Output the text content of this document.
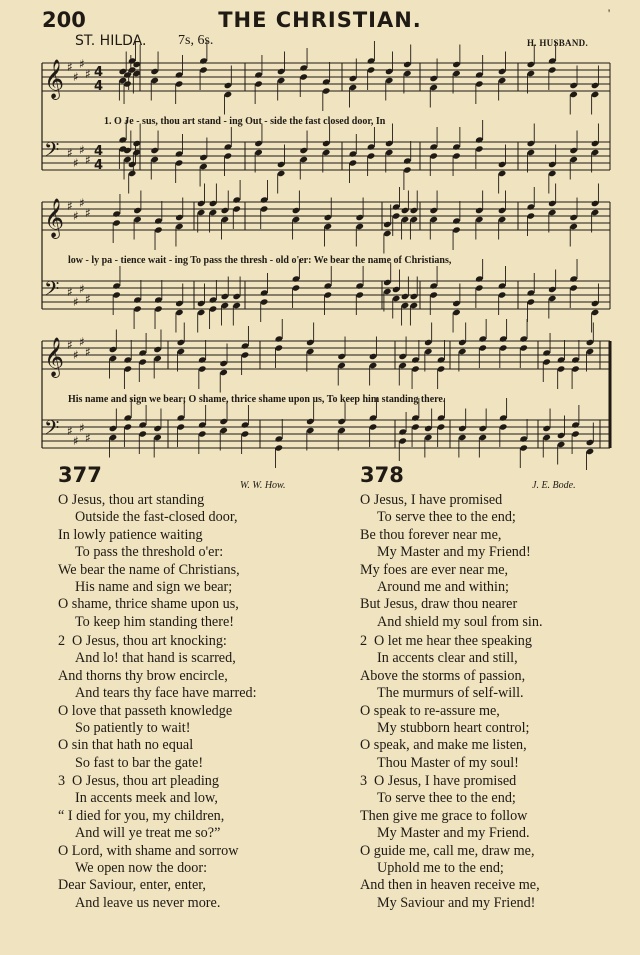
200	THE CHRISTIAN.	'
ST. HILDA. 7s, 6s.	H. HUSBAND.
𝄞 ♯
♯
♯
♯ 4
4
𝄢 ♯
♯
♯
♯
4
4
𝄞 ♯
♯
♯
♯
𝄢 ♯
♯
♯
♯
𝄞 ♯
♯
♯
♯
𝄢 ♯
♯
♯
♯
1. O Je - sus, thou art stand - ing Out - side the fast closed door, In
low - ly pa - tience wait - ing To pass the thresh - old o'er: We bear the name of Christians,
His name and sign we bear; O shame, thrice shame upon us, To keep him standing there.
377	W. W. How.
O Jesus, thou art standing
Outside the fast-closed door,
In lowly patience waiting
To pass the threshold o'er:
We bear the name of Christians,
His name and sign we bear;
O shame, thrice shame upon us,
To keep him standing there!
2 O Jesus, thou art knocking:
And lo! that hand is scarred,
And thorns thy brow encircle,
And tears thy face have marred:
O love that passeth knowledge
So patiently to wait!
O sin that hath no equal
So fast to bar the gate!
3 O Jesus, thou art pleading
In accents meek and low,
“ I died for you, my children,
And will ye treat me so?”
O Lord, with shame and sorrow
We open now the door:
Dear Saviour, enter, enter,
And leave us never more.
378	J. E. Bode.
O Jesus, I have promised
To serve thee to the end;
Be thou forever near me,
My Master and my Friend!
My foes are ever near me,
Around me and within;
But Jesus, draw thou nearer
And shield my soul from sin.
2 O let me hear thee speaking
In accents clear and still,
Above the storms of passion,
The murmurs of self-will.
O speak to re-assure me,
My stubborn heart control;
O speak, and make me listen,
Thou Master of my soul!
3 O Jesus, I have promised
To serve thee to the end;
Then give me grace to follow
My Master and my Friend.
O guide me, call me, draw me,
Uphold me to the end;
And then in heaven receive me,
My Saviour and my Friend!
